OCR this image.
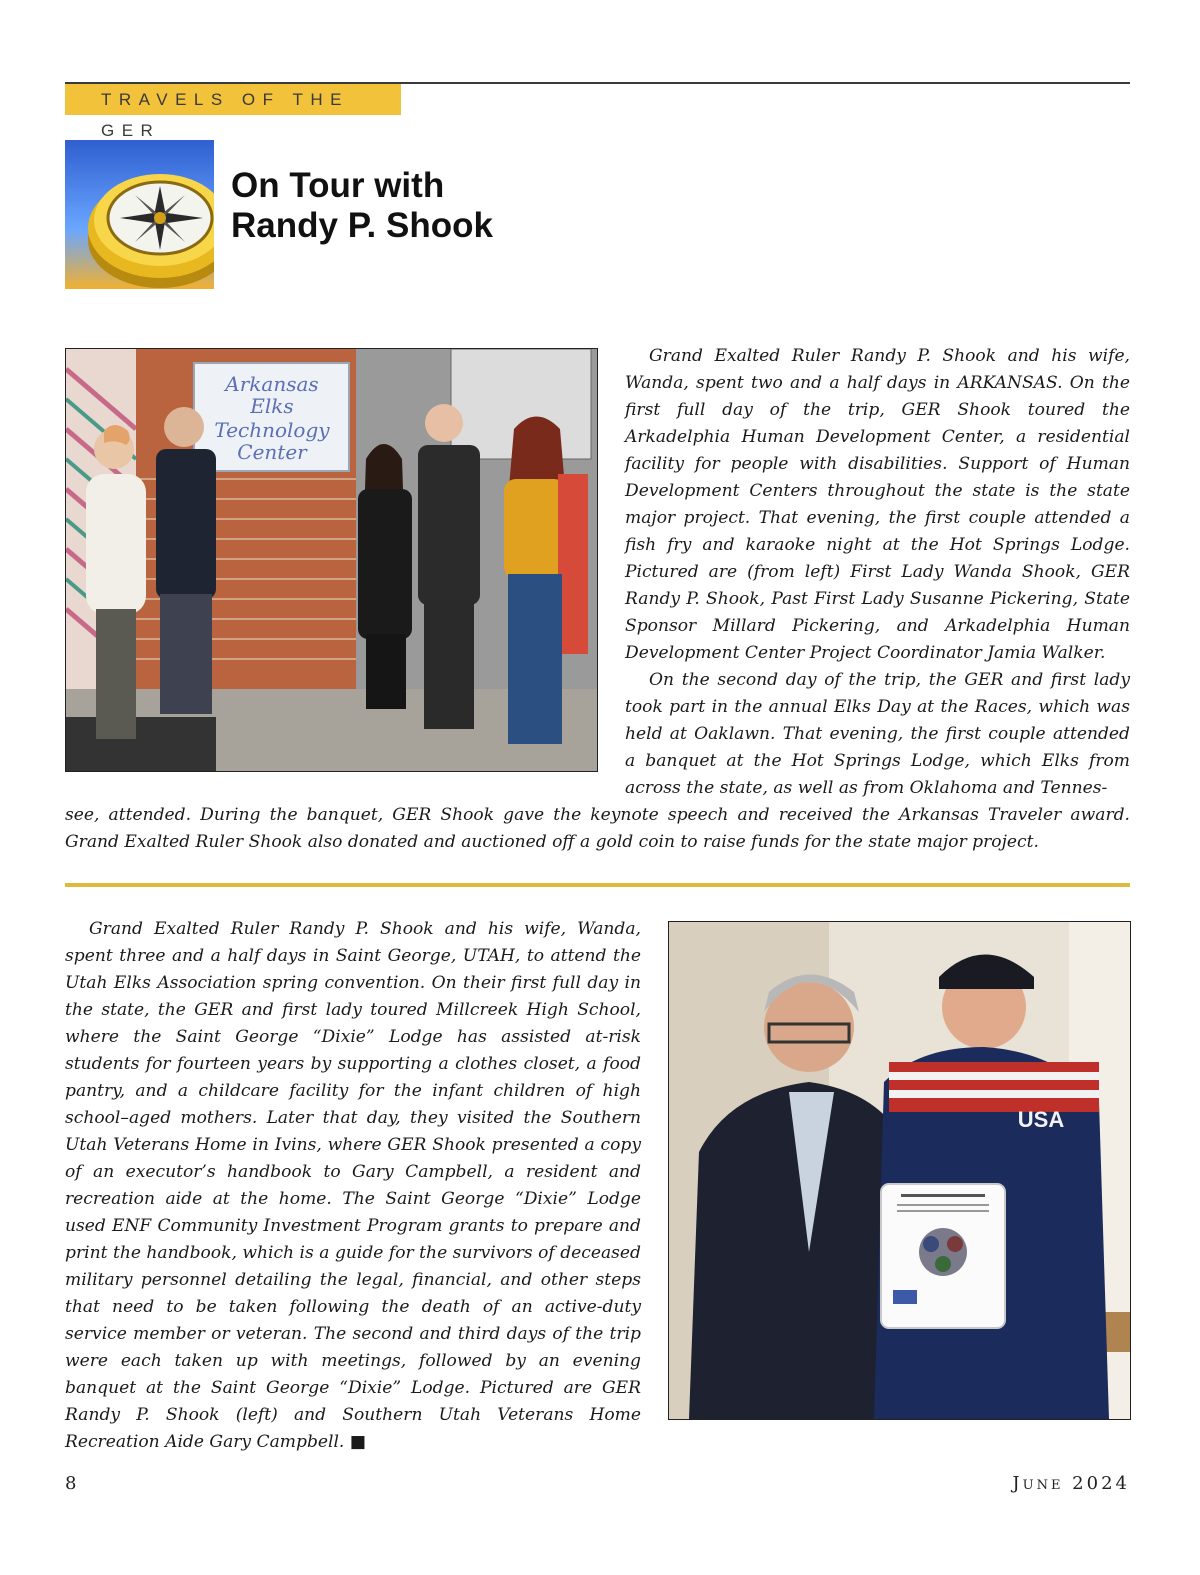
TRAVELS OF THE GER
On Tour with
Randy P. Shook
Arkansas
Elks
Technology
Center

Grand Exalted Ruler Randy P. Shook and his wife, Wanda, spent two and a half days in ARKANSAS. On the first full day of the trip, GER Shook toured the Arkadelphia Human Development Center, a residential facility for people with disabilities. Support of Human Development Centers throughout the state is the state major project. That evening, the first couple attended a fish fry and karaoke night at the Hot Springs Lodge. Pictured are (from left) First Lady Wanda Shook, GER Randy P. Shook, Past First Lady Susanne Pickering, State Sponsor Millard Pickering, and Arkadelphia Human Development Center Project Coordinator Jamia Walker.

On the second day of the trip, the GER and first lady took part in the annual Elks Day at the Races, which was held at Oaklawn. That evening, the first couple attended a banquet at the Hot Springs Lodge, which Elks from across the state, as well as from Oklahoma and Tennes-

see, attended. During the banquet, GER Shook gave the keynote speech and received the Arkansas Traveler award. Grand Exalted Ruler Shook also donated and auctioned off a gold coin to raise funds for the state major project.

Grand Exalted Ruler Randy P. Shook and his wife, Wanda, spent three and a half days in Saint George, UTAH, to attend the Utah Elks Association spring convention. On their first full day in the state, the GER and first lady toured Millcreek High School, where the Saint George “Dixie” Lodge has assisted at-risk students for fourteen years by supporting a clothes closet, a food pantry, and a childcare facility for the infant children of high school–aged mothers. Later that day, they visited the Southern Utah Veterans Home in Ivins, where GER Shook presented a copy of an executor’s handbook to Gary Campbell, a resident and recreation aide at the home. The Saint George “Dixie” Lodge used ENF Community Investment Program grants to prepare and print the handbook, which is a guide for the survivors of deceased military personnel detailing the legal, financial, and other steps that need to be taken following the death of an active-duty service member or veteran. The second and third days of the trip were each taken up with meetings, followed by an evening banquet at the Saint George “Dixie” Lodge. Pictured are GER Randy P. Shook (left) and Southern Utah Veterans Home Recreation Aide Gary Campbell. ■

USA
8	June 2024
